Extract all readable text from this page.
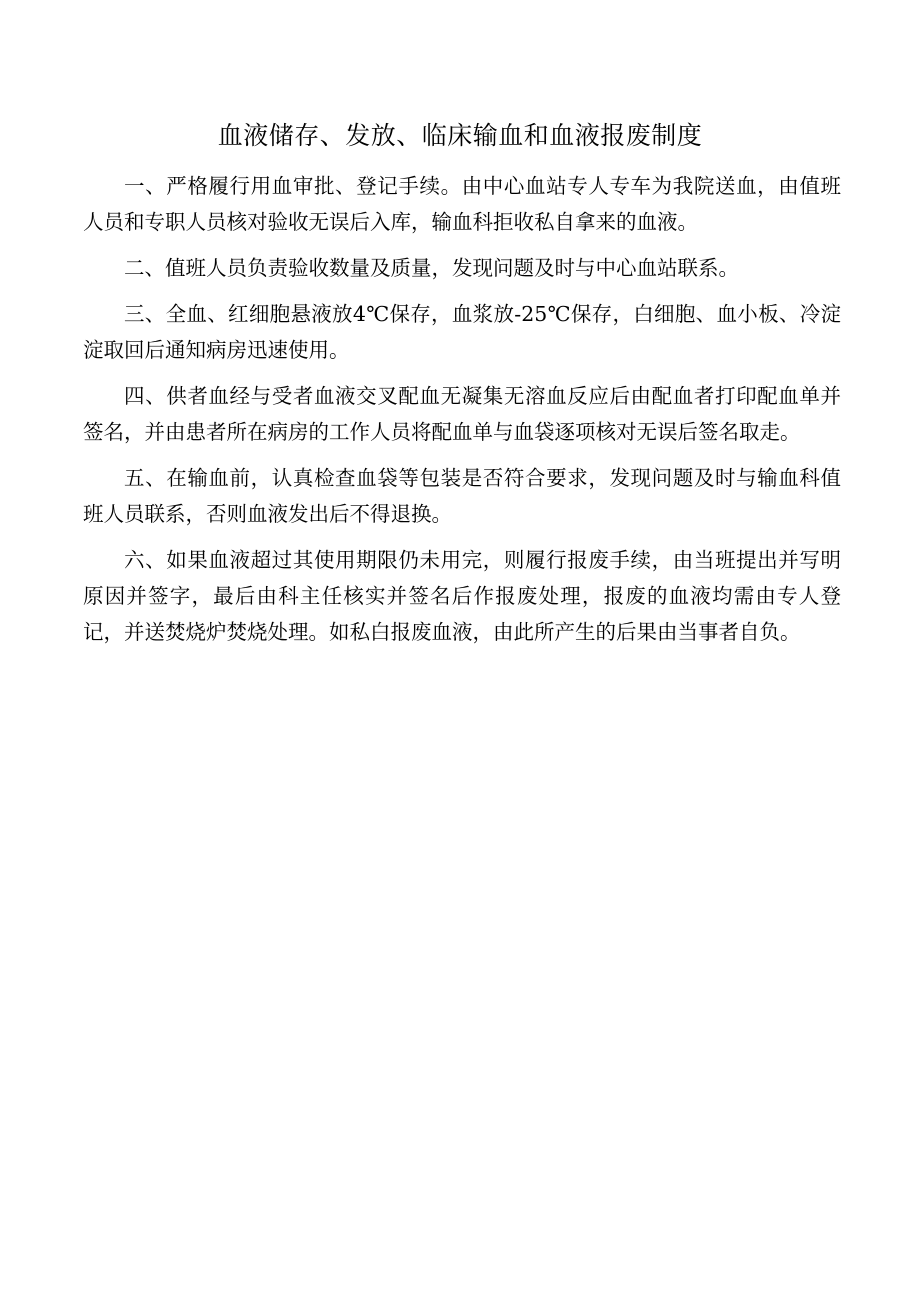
血液储存、发放、临床输血和血液报废制度

一、严格履行用血审批、登记手续。由中心血站专人专车为我院送血，由值班人员和专职人员核对验收无误后入库，输血科拒收私自拿来的血液。

二、值班人员负责验收数量及质量，发现问题及时与中心血站联系。

三、全血、红细胞悬液放4℃保存，血浆放-25℃保存，白细胞、血小板、冷淀淀取回后通知病房迅速使用。

四、供者血经与受者血液交叉配血无凝集无溶血反应后由配血者打印配血单并签名，并由患者所在病房的工作人员将配血单与血袋逐项核对无误后签名取走。

五、在输血前，认真检查血袋等包装是否符合要求，发现问题及时与输血科值班人员联系，否则血液发出后不得退换。

六、如果血液超过其使用期限仍未用完，则履行报废手续，由当班提出并写明原因并签字，最后由科主任核实并签名后作报废处理，报废的血液均需由专人登记，并送焚烧炉焚烧处理。如私白报废血液，由此所产生的后果由当事者自负。
